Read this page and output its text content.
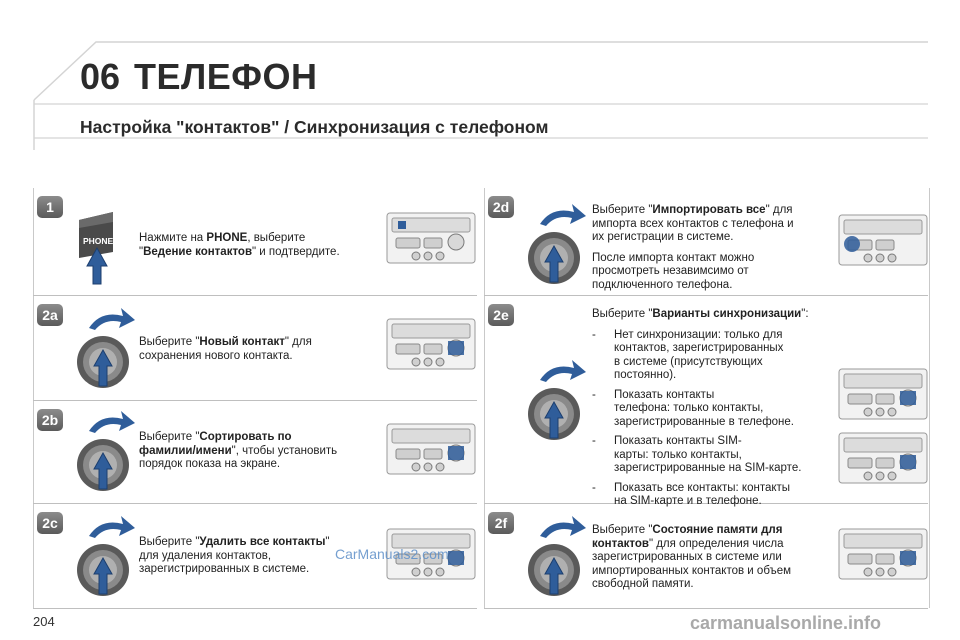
06 ТЕЛЕФОН
Настройка "контактов" / Синхронизация с телефоном
1
PHONE Нажмите на PHONE, выберите
"Ведение контактов" и подтвердите.
2a
Выберите "Новый контакт" для
сохранения нового контакта.
2b
Выберите "Сортировать по
фамилии/имени", чтобы установить
порядок показа на экране.
2c
Выберите "Удалить все контакты"
для удаления контактов,
зарегистрированных в системе.
2d	Выберите "Импортировать все" для
импорта всех контактов с телефона и
их регистрации в системе.

После импорта контакт можно
просмотреть незавимсимо от
подключенного телефона.

2e	Выберите "Варианты синхронизации":

-	Нет синхронизации: только для
контактов, зарегистрированных
в системе (присутствующих
постоянно).
-	Показать контакты
телефона: только контакты,
зарегистрированные в телефоне.
-	Показать контакты SIM-
карты: только контакты,
зарегистрированные на SIM-карте.
-	Показать все контакты: контакты
на SIM-карте и в телефоне.
2f	Выберите "Состояние памяти для
контактов" для определения числа
зарегистрированных в системе или
импортированных контактов и объем
свободной памяти.
204
CarManuals2.com
carmanualsonline.info
